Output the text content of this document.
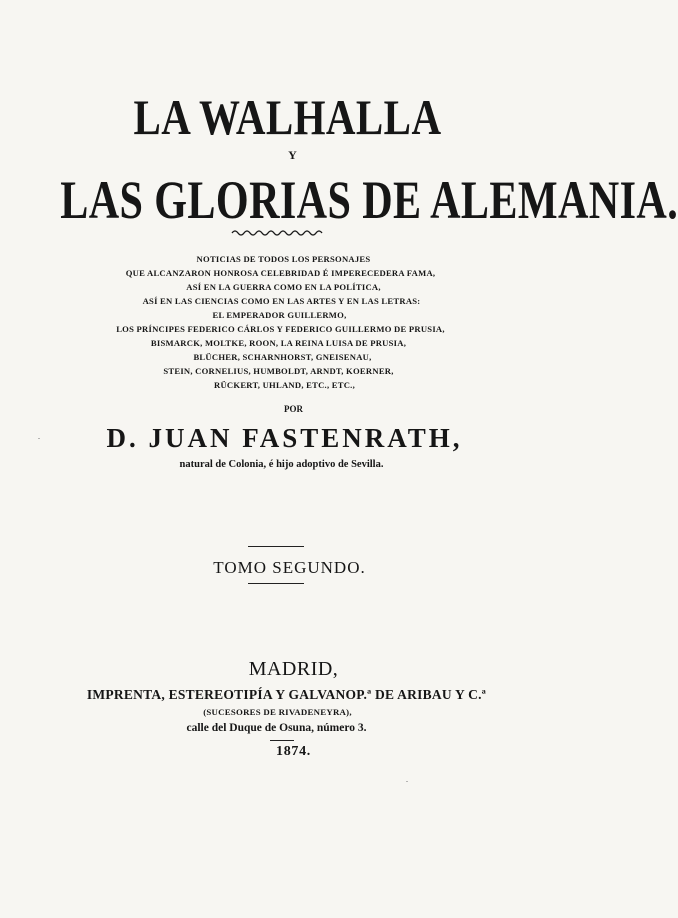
LA WALHALLA
Y
LAS GLORIAS DE ALEMANIA.
NOTICIAS DE TODOS LOS PERSONAJES
QUE ALCANZARON HONROSA CELEBRIDAD É IMPERECEDERA FAMA,
ASÍ EN LA GUERRA COMO EN LA POLÍTICA,
ASÍ EN LAS CIENCIAS COMO EN LAS ARTES Y EN LAS LETRAS:
EL EMPERADOR GUILLERMO,
LOS PRÍNCIPES FEDERICO CÁRLOS Y FEDERICO GUILLERMO DE PRUSIA,
BISMARCK, MOLTKE, ROON, LA REINA LUISA DE PRUSIA,
BLÜCHER, SCHARNHORST, GNEISENAU,
STEIN, CORNELIUS, HUMBOLDT, ARNDT, KOERNER,
RÜCKERT, UHLAND, ETC., ETC.,
POR
D. JUAN FASTENRATH,
natural de Colonia, é hijo adoptivo de Sevilla.
TOMO SEGUNDO.
MADRID,
IMPRENTA, ESTEREOTIPÍA Y GALVANOP.ª DE ARIBAU Y C.ª
(SUCESORES DE RIVADENEYRA),
calle del Duque de Osuna, número 3.
1874.
